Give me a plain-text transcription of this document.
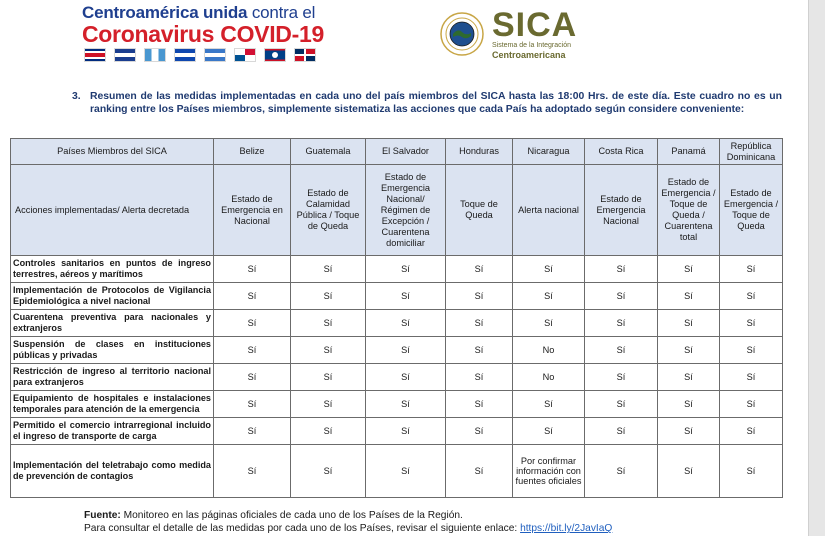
Centroamérica unida contra el
Coronavirus COVID-19	SICA
Sistema de la Integración
Centroamericana
3. Resumen de las medidas implementadas en cada uno del país miembros del SICA hasta las 18:00 Hrs. de este día. Este cuadro no es un ranking entre los Países miembros, simplemente sistematiza las acciones que cada País ha adoptado según considere conveniente:
Países Miembros del SICA	Belize	Guatemala	El Salvador	Honduras	Nicaragua	Costa Rica	Panamá	República Dominicana
Acciones implementadas/ Alerta decretada	Estado de Emergencia en Nacional	Estado de Calamidad Pública / Toque de Queda	Estado de Emergencia Nacional/ Régimen de Excepción / Cuarentena domiciliar	Toque de Queda	Alerta nacional	Estado de Emergencia Nacional	Estado de Emergencia / Toque de Queda / Cuarentena total	Estado de Emergencia / Toque de Queda
Controles sanitarios en puntos de ingreso terrestres, aéreos y marítimos	Sí	Sí	Sí	Sí	Sí	Sí	Sí	Sí
Implementación de Protocolos de Vigilancia Epidemiológica a nivel nacional	Sí	Sí	Sí	Sí	Sí	Sí	Sí	Sí
Cuarentena preventiva para nacionales y extranjeros	Sí	Sí	Sí	Sí	Sí	Sí	Sí	Sí
Suspensión de clases en instituciones públicas y privadas	Sí	Sí	Sí	Sí	No	Sí	Sí	Sí
Restricción de ingreso al territorio nacional para extranjeros	Sí	Sí	Sí	Sí	No	Sí	Sí	Sí
Equipamiento de hospitales e instalaciones temporales para atención de la emergencia	Sí	Sí	Sí	Sí	Sí	Sí	Sí	Sí
Permitido el comercio intrarregional incluido el ingreso de transporte de carga	Sí	Sí	Sí	Sí	Sí	Sí	Sí	Sí
Implementación del teletrabajo como medida de prevención de contagios	Sí	Sí	Sí	Sí	Por confirmar información con fuentes oficiales	Sí	Sí	Sí
Fuente: Monitoreo en las páginas oficiales de cada uno de los Países de la Región.
Para consultar el detalle de las medidas por cada uno de los Países, revisar el siguiente enlace: https://bit.ly/2JavIaQ
